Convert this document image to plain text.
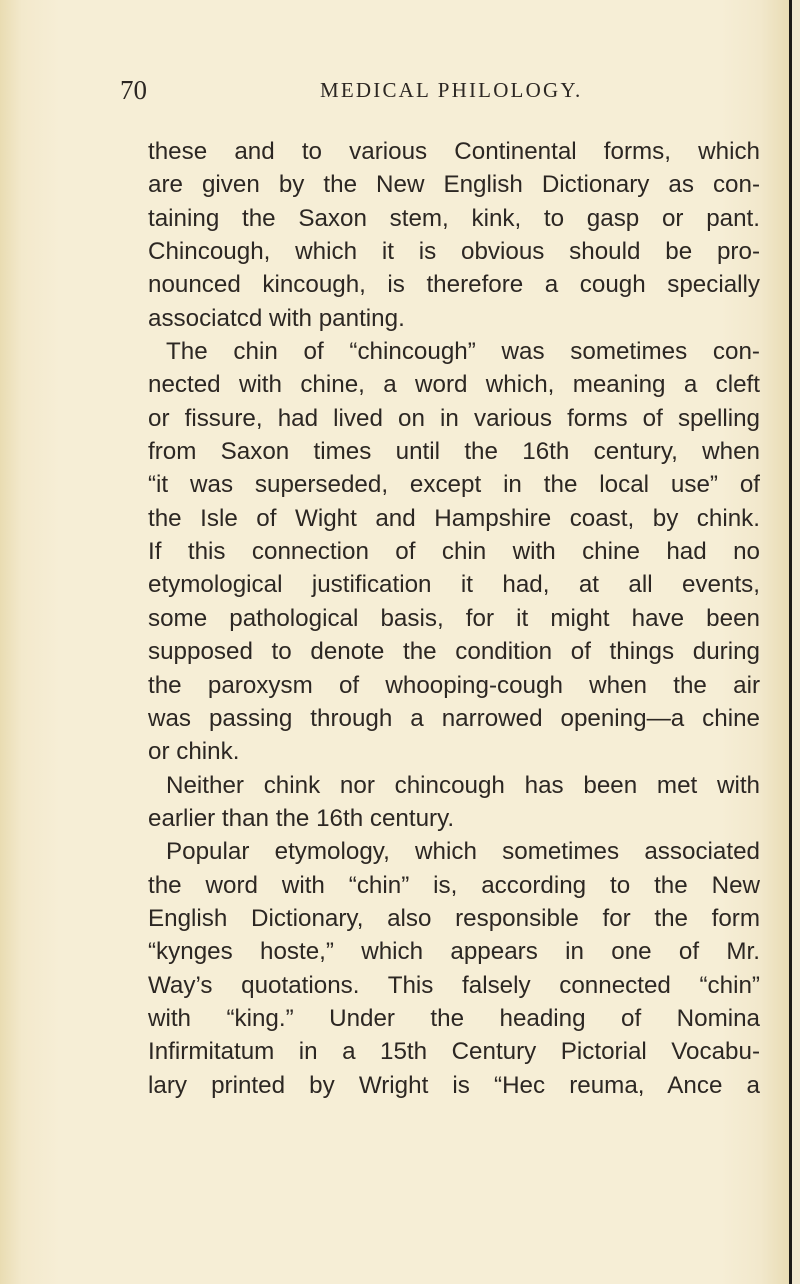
70	MEDICAL PHILOLOGY.
these and to various Continental forms, which
are given by the New English Dictionary as con-
taining the Saxon stem, kink, to gasp or pant.
Chincough, which it is obvious should be pro-
nounced kincough, is therefore a cough specially
associatcd with panting.
The chin of “chincough” was sometimes con-
nected with chine, a word which, meaning a cleft
or fissure, had lived on in various forms of spelling
from Saxon times until the 16th century, when
“it was superseded, except in the local use” of
the Isle of Wight and Hampshire coast, by chink.
If this connection of chin with chine had no
etymological justification it had, at all events,
some pathological basis, for it might have been
supposed to denote the condition of things during
the paroxysm of whooping-cough when the air
was passing through a narrowed opening—a chine
or chink.
Neither chink nor chincough has been met with
earlier than the 16th century.
Popular etymology, which sometimes associated
the word with “chin” is, according to the New
English Dictionary, also responsible for the form
“kynges hoste,” which appears in one of Mr.
Way’s quotations. This falsely connected “chin”
with “king.” Under the heading of Nomina
Infirmitatum in a 15th Century Pictorial Vocabu-
lary printed by Wright is “Hec reuma, Ance a
